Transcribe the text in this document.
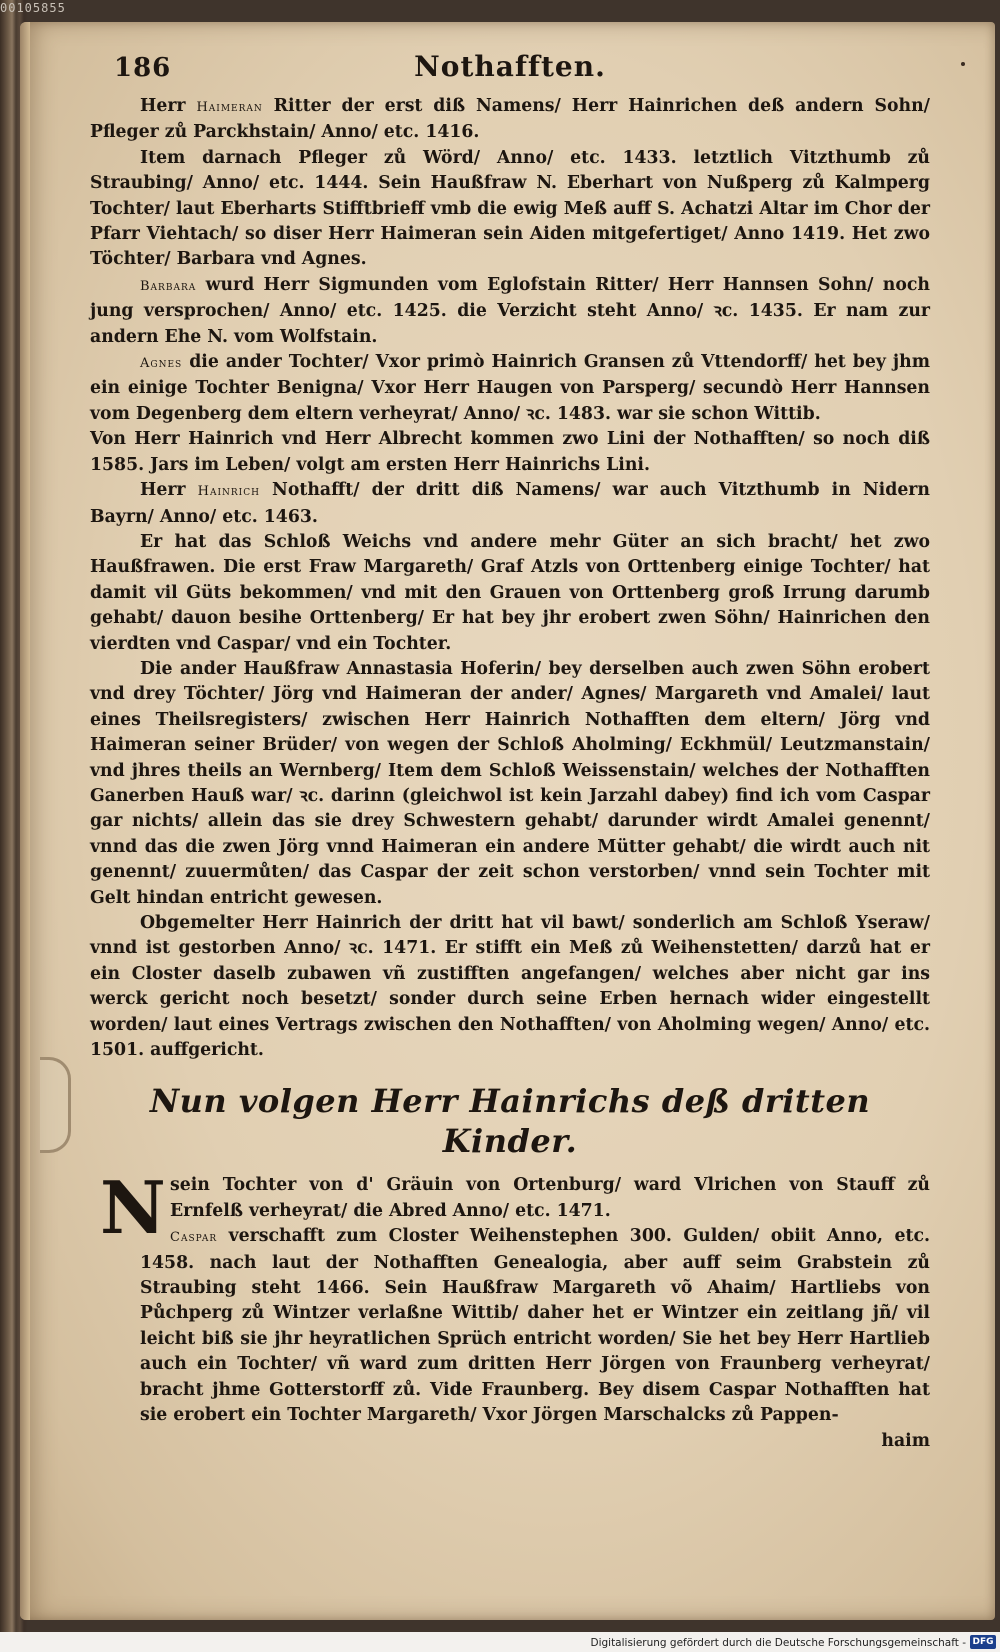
00105855
186	Nothafften.

Herr Haimeran Ritter der erst diß Namens/ Herr Hainrichen deß andern Sohn/ Pfleger zů Parckhstain/ Anno/ etc. 1416.

Item darnach Pfleger zů Wörd/ Anno/ etc. 1433. letztlich Vitzthumb zů Straubing/ Anno/ etc. 1444. Sein Haußfraw N. Eberhart von Nußperg zů Kalmperg Tochter/ laut Eberharts Stifftbrieff vmb die ewig Meß auff S. Achatzi Altar im Chor der Pfarr Viehtach/ so diser Herr Haimeran sein Aiden mitgefertiget/ Anno 1419. Het zwo Töchter/ Barbara vnd Agnes.

Barbara wurd Herr Sigmunden vom Eglofstain Ritter/ Herr Hannsen Sohn/ noch jung versprochen/ Anno/ etc. 1425. die Verzicht steht Anno/ ꝛc. 1435. Er nam zur andern Ehe N. vom Wolfstain.

Agnes die ander Tochter/ Vxor primò Hainrich Gransen zů Vttendorff/ het bey jhm ein einige Tochter Benigna/ Vxor Herr Haugen von Parsperg/ secundò Herr Hannsen vom Degenberg dem eltern verheyrat/ Anno/ ꝛc. 1483. war sie schon Wittib.

Von Herr Hainrich vnd Herr Albrecht kommen zwo Lini der Nothafften/ so noch diß 1585. Jars im Leben/ volgt am ersten Herr Hainrichs Lini.

Herr Hainrich Nothafft/ der dritt diß Namens/ war auch Vitzthumb in Nidern Bayrn/ Anno/ etc. 1463.

Er hat das Schloß Weichs vnd andere mehr Güter an sich bracht/ het zwo Haußfrawen. Die erst Fraw Margareth/ Graf Atzls von Orttenberg einige Tochter/ hat damit vil Güts bekommen/ vnd mit den Grauen von Orttenberg groß Irrung darumb gehabt/ dauon besihe Orttenberg/ Er hat bey jhr erobert zwen Söhn/ Hainrichen den vierdten vnd Caspar/ vnd ein Tochter.

Die ander Haußfraw Annastasia Hoferin/ bey derselben auch zwen Söhn erobert vnd drey Töchter/ Jörg vnd Haimeran der ander/ Agnes/ Margareth vnd Amalei/ laut eines Theilsregisters/ zwischen Herr Hainrich Nothafften dem eltern/ Jörg vnd Haimeran seiner Brüder/ von wegen der Schloß Aholming/ Eckhmül/ Leutzmanstain/ vnd jhres theils an Wernberg/ Item dem Schloß Weissenstain/ welches der Nothafften Ganerben Hauß war/ ꝛc. darinn (gleichwol ist kein Jarzahl dabey) find ich vom Caspar gar nichts/ allein das sie drey Schwestern gehabt/ darunder wirdt Amalei genennt/ vnnd das die zwen Jörg vnnd Haimeran ein andere Mütter gehabt/ die wirdt auch nit genennt/ zuuermůten/ das Caspar der zeit schon verstorben/ vnnd sein Tochter mit Gelt hindan entricht gewesen.

Obgemelter Herr Hainrich der dritt hat vil bawt/ sonderlich am Schloß Yseraw/ vnnd ist gestorben Anno/ ꝛc. 1471. Er stifft ein Meß zů Weihenstetten/ darzů hat er ein Closter daselb zubawen vñ zustifften angefangen/ welches aber nicht gar ins werck gericht noch besetzt/ sonder durch seine Erben hernach wider eingestellt worden/ laut eines Vertrags zwischen den Nothafften/ von Aholming wegen/ Anno/ etc. 1501. auffgericht.

Nun volgen Herr Hainrichs deß dritten Kinder.
N sein Tochter von d' Gräuin von Ortenburg/ ward Vlrichen von Stauff zů Ernfelß verheyrat/ die Abred Anno/ etc. 1471.

Caspar verschafft zum Closter Weihenstephen 300. Gulden/ obiit Anno, etc. 1458. nach laut der Nothafften Genealogia, aber auff seim Grabstein zů Straubing steht 1466. Sein Haußfraw Margareth võ Ahaim/ Hartliebs von Půchperg zů Wintzer verlaßne Wittib/ daher het er Wintzer ein zeitlang jñ/ vil leicht biß sie jhr heyratlichen Sprüch entricht worden/ Sie het bey Herr Hartlieb auch ein Tochter/ vñ ward zum dritten Herr Jörgen von Fraunberg verheyrat/ bracht jhme Gotterstorff zů. Vide Fraunberg. Bey disem Caspar Nothafften hat sie erobert ein Tochter Margareth/ Vxor Jörgen Marschalcks zů Pappen-

haim
Digitalisierung gefördert durch die Deutsche Forschungsgemeinschaft - DFG
